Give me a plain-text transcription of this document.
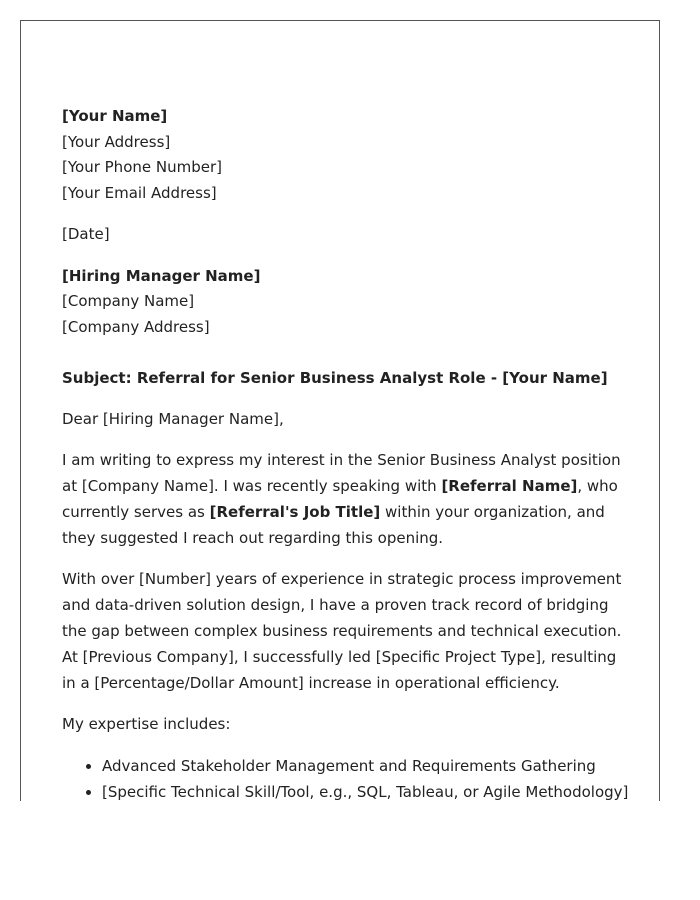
[Your Name]
[Your Address]
[Your Phone Number]
[Your Email Address]
[Date]
[Hiring Manager Name]
[Company Name]
[Company Address]
Subject: Referral for Senior Business Analyst Role - [Your Name]

Dear [Hiring Manager Name],

I am writing to express my interest in the Senior Business Analyst position at [Company Name]. I was recently speaking with [Referral Name], who currently serves as [Referral's Job Title] within your organization, and they suggested I reach out regarding this opening.

With over [Number] years of experience in strategic process improvement and data-driven solution design, I have a proven track record of bridging the gap between complex business requirements and technical execution. At [Previous Company], I successfully led [Specific Project Type], resulting in a [Percentage/Dollar Amount] increase in operational efficiency.

My expertise includes:

• Advanced Stakeholder Management and Requirements Gathering
• [Specific Technical Skill/Tool, e.g., SQL, Tableau, or Agile Methodology]
